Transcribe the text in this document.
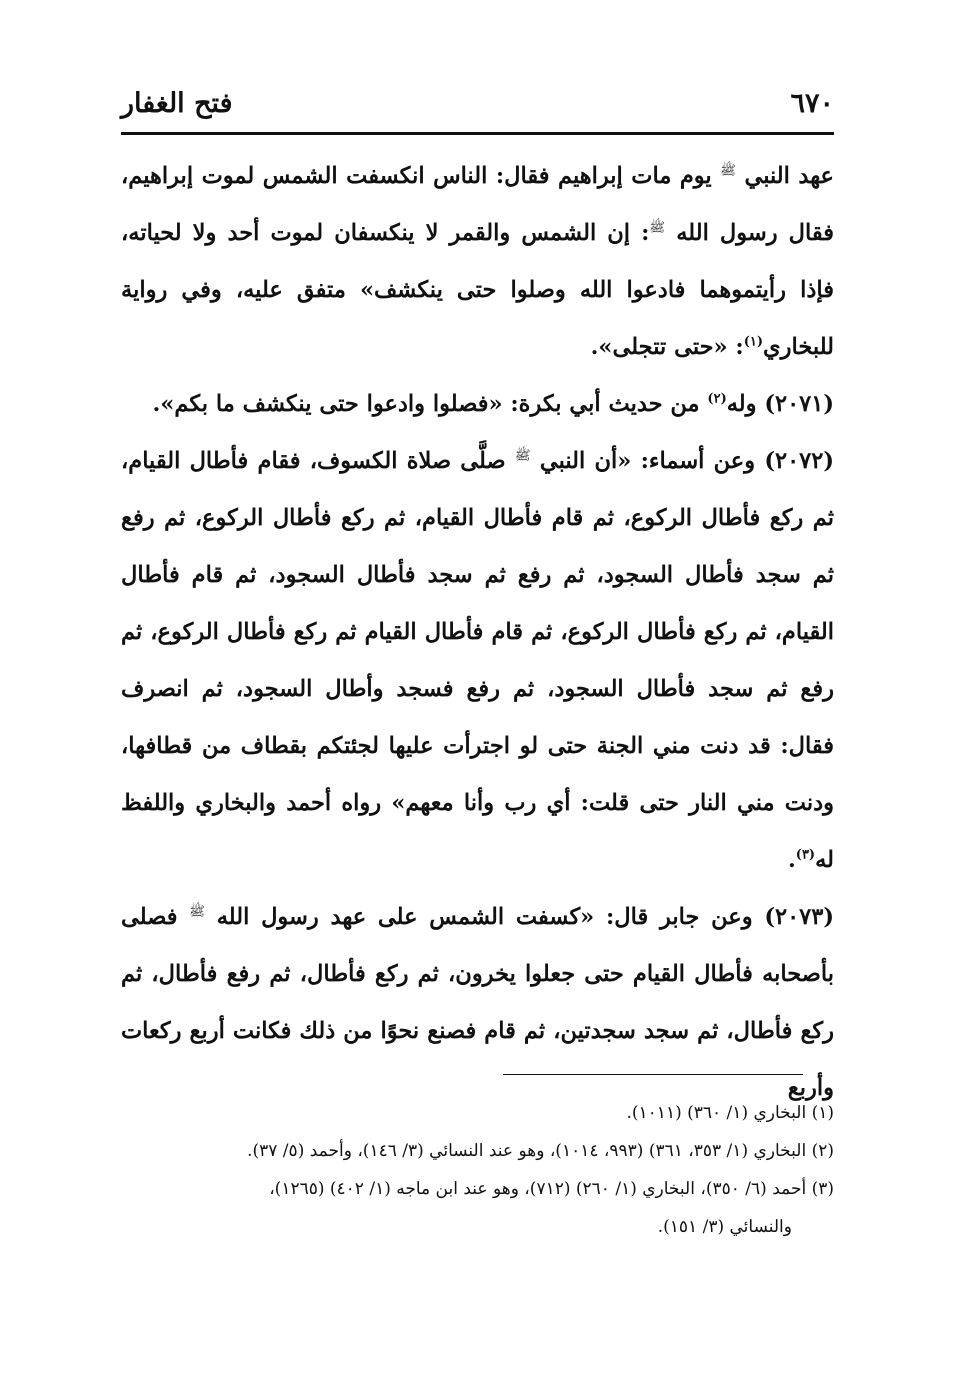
٦٧٠
فتح الغفار

عهد النبي $^ﷺ$ يوم مات إبراهيم فقال: الناس انكسفت الشمس لموت إبراهيم، فقال رسول الله $^ﷺ$: إن الشمس والقمر لا ينكسفان لموت أحد ولا لحياته، فإذا رأيتموهما فادعوا الله وصلوا حتى ينكشف» متفق عليه، وفي رواية للبخاري$^{(١)}$: «حتى تتجلى».

(٢٠٧١) وله$^{(٢)}$ من حديث أبي بكرة: «فصلوا وادعوا حتى ينكشف ما بكم».

(٢٠٧٢) وعن أسماء: «أن النبي $^ﷺ$ صلَّى صلاة الكسوف، فقام فأطال القيام، ثم ركع فأطال الركوع، ثم قام فأطال القيام، ثم ركع فأطال الركوع، ثم رفع ثم سجد فأطال السجود، ثم رفع ثم سجد فأطال السجود، ثم قام فأطال القيام، ثم ركع فأطال الركوع، ثم قام فأطال القيام ثم ركع فأطال الركوع، ثم رفع ثم سجد فأطال السجود، ثم رفع فسجد وأطال السجود، ثم انصرف فقال: قد دنت مني الجنة حتى لو اجترأت عليها لجئتكم بقطاف من قطافها، ودنت مني النار حتى قلت: أي رب وأنا معهم» رواه أحمد والبخاري واللفظ له$^{(٣)}$.

(٢٠٧٣) وعن جابر قال: «كسفت الشمس على عهد رسول الله $^ﷺ$ فصلى بأصحابه فأطال القيام حتى جعلوا يخرون، ثم ركع فأطال، ثم رفع فأطال، ثم ركع فأطال، ثم سجد سجدتين، ثم قام فصنع نحوًا من ذلك فكانت أربع ركعات وأربع

(١) البخاري (١/ ٣٦٠) (١٠١١).

(٢) البخاري (١/ ٣٥٣، ٣٦١) (٩٩٣، ١٠١٤)، وهو عند النسائي (٣/ ١٤٦)، وأحمد (٥/ ٣٧).

(٣) أحمد (٦/ ٣٥٠)، البخاري (١/ ٢٦٠) (٧١٢)، وهو عند ابن ماجه (١/ ٤٠٢) (١٢٦٥)،

والنسائي (٣/ ١٥١).
